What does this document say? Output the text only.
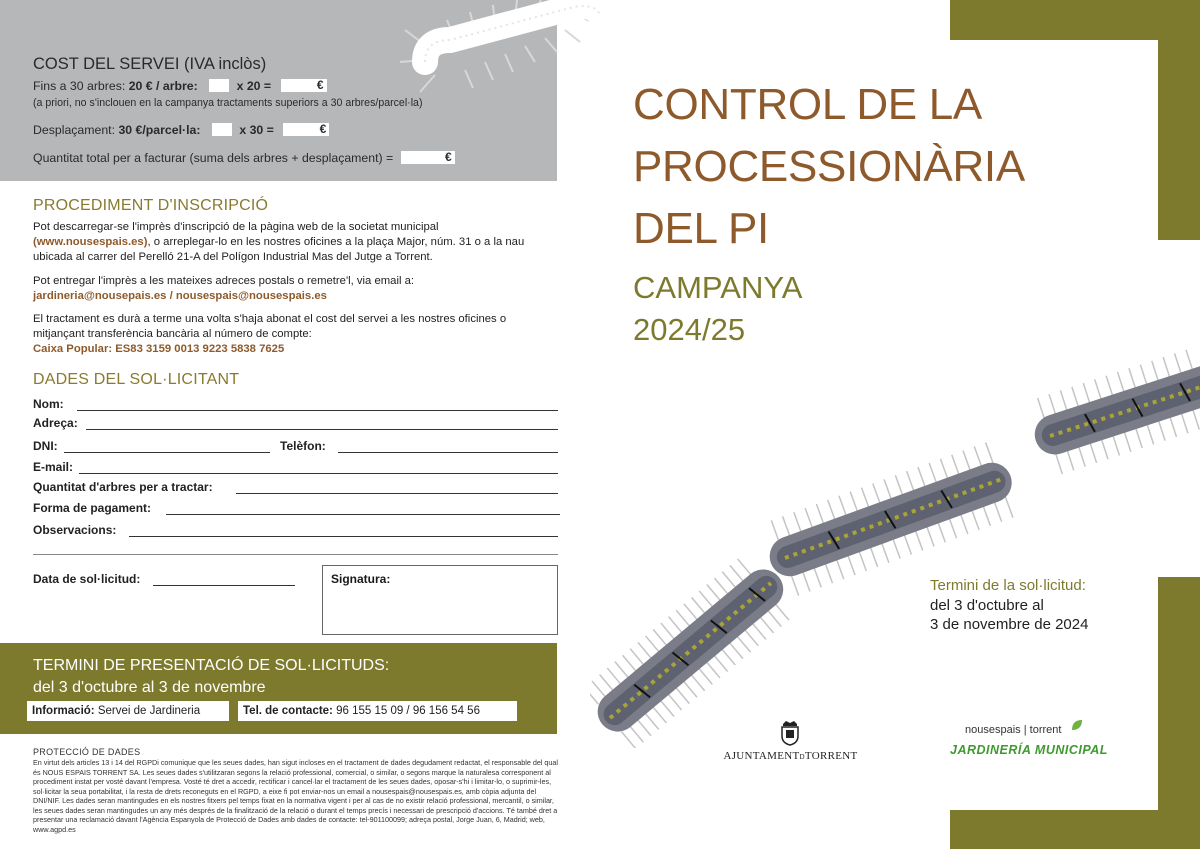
COST DEL SERVEI (IVA inclòs)
Fins a 30 arbres: 20 € / arbre:	x 20 =	€
(a priori, no s'inclouen en la campanya tractaments superiors a 30 arbres/parcel·la)
Desplaçament: 30 €/parcel·la:	x 30 =	€
Quantitat total per a facturar (suma dels arbres + desplaçament) =	€
PROCEDIMENT D'INSCRIPCIÓ
Pot descarregar-se l'imprès d'inscripció de la pàgina web de la societat municipal (www.nousespais.es), o arreplegar-lo en les nostres oficines a la plaça Major, núm. 31 o a la nau ubicada al carrer del Perelló 21-A del Polígon Industrial Mas del Jutge a Torrent.
Pot entregar l'imprès a les mateixes adreces postals o remetre'l, via email a:
jardineria@nousepais.es / nousespais@nousespais.es
El tractament es durà a terme una volta s'haja abonat el cost del servei a les nostres oficines o mitjançant transferència bancària al número de compte:
Caixa Popular: ES83 3159 0013 9223 5838 7625
DADES DEL SOL·LICITANT
Nom:
Adreça:
DNI:	Telèfon:
E-mail:
Quantitat d'arbres per a tractar:
Forma de pagament:
Observacions:
Data de sol·licitud:	Signatura:
TERMINI DE PRESENTACIÓ DE SOL·LICITUDS:
del 3 d'octubre al 3 de novembre
Informació: Servei de Jardineria	Tel. de contacte: 96 155 15 09 / 96 156 54 56
PROTECCIÓ DE DADES
En virtut dels articles 13 i 14 del RGPDi comunique que les seues dades, han sigut incloses en el tractament de dades degudament redactat, el responsable del qual és NOUS ESPAIS TORRENT SA. Les seues dades s'utilitzaran segons la relació professional, comercial, o similar, o segons marque la naturalesa corresponent al procediment instat per vosté davant l'empresa. Vosté té dret a accedir, rectificar i cancel·lar el tractament de les seues dades, oposar-s'hi i limitar-lo, o suprimir-les, sol·licitar la seua portabilitat, i la resta de drets reconeguts en el RGPD, a eixe fi pot enviar-nos un email a nousespais@nousespais.es, amb còpia adjunta del DNI/NIF. Les dades seran mantingudes en els nostres fitxers pel temps fixat en la normativa vigent i per al cas de no existir relació professional, mercantil, o similar, les seues dades seran mantingudes un any més després de la finalització de la relació o durant el temps precís i necessari de prescripció d'accions. Té també dret a presentar una reclamació davant l'Agència Espanyola de Protecció de Dades amb dades de contacte: tel-901100099; adreça postal, Jorge Juan, 6, Madrid; web, www.agpd.es
CONTROL DE LA
PROCESSIONÀRIA
DEL PI
CAMPANYA
2024/25
Termini de la sol·licitud:
del 3 d'octubre al
3 de novembre de 2024
AJUNTAMENTDTORRENT
nousespais | torrent
JARDINERÍA MUNICIPAL
